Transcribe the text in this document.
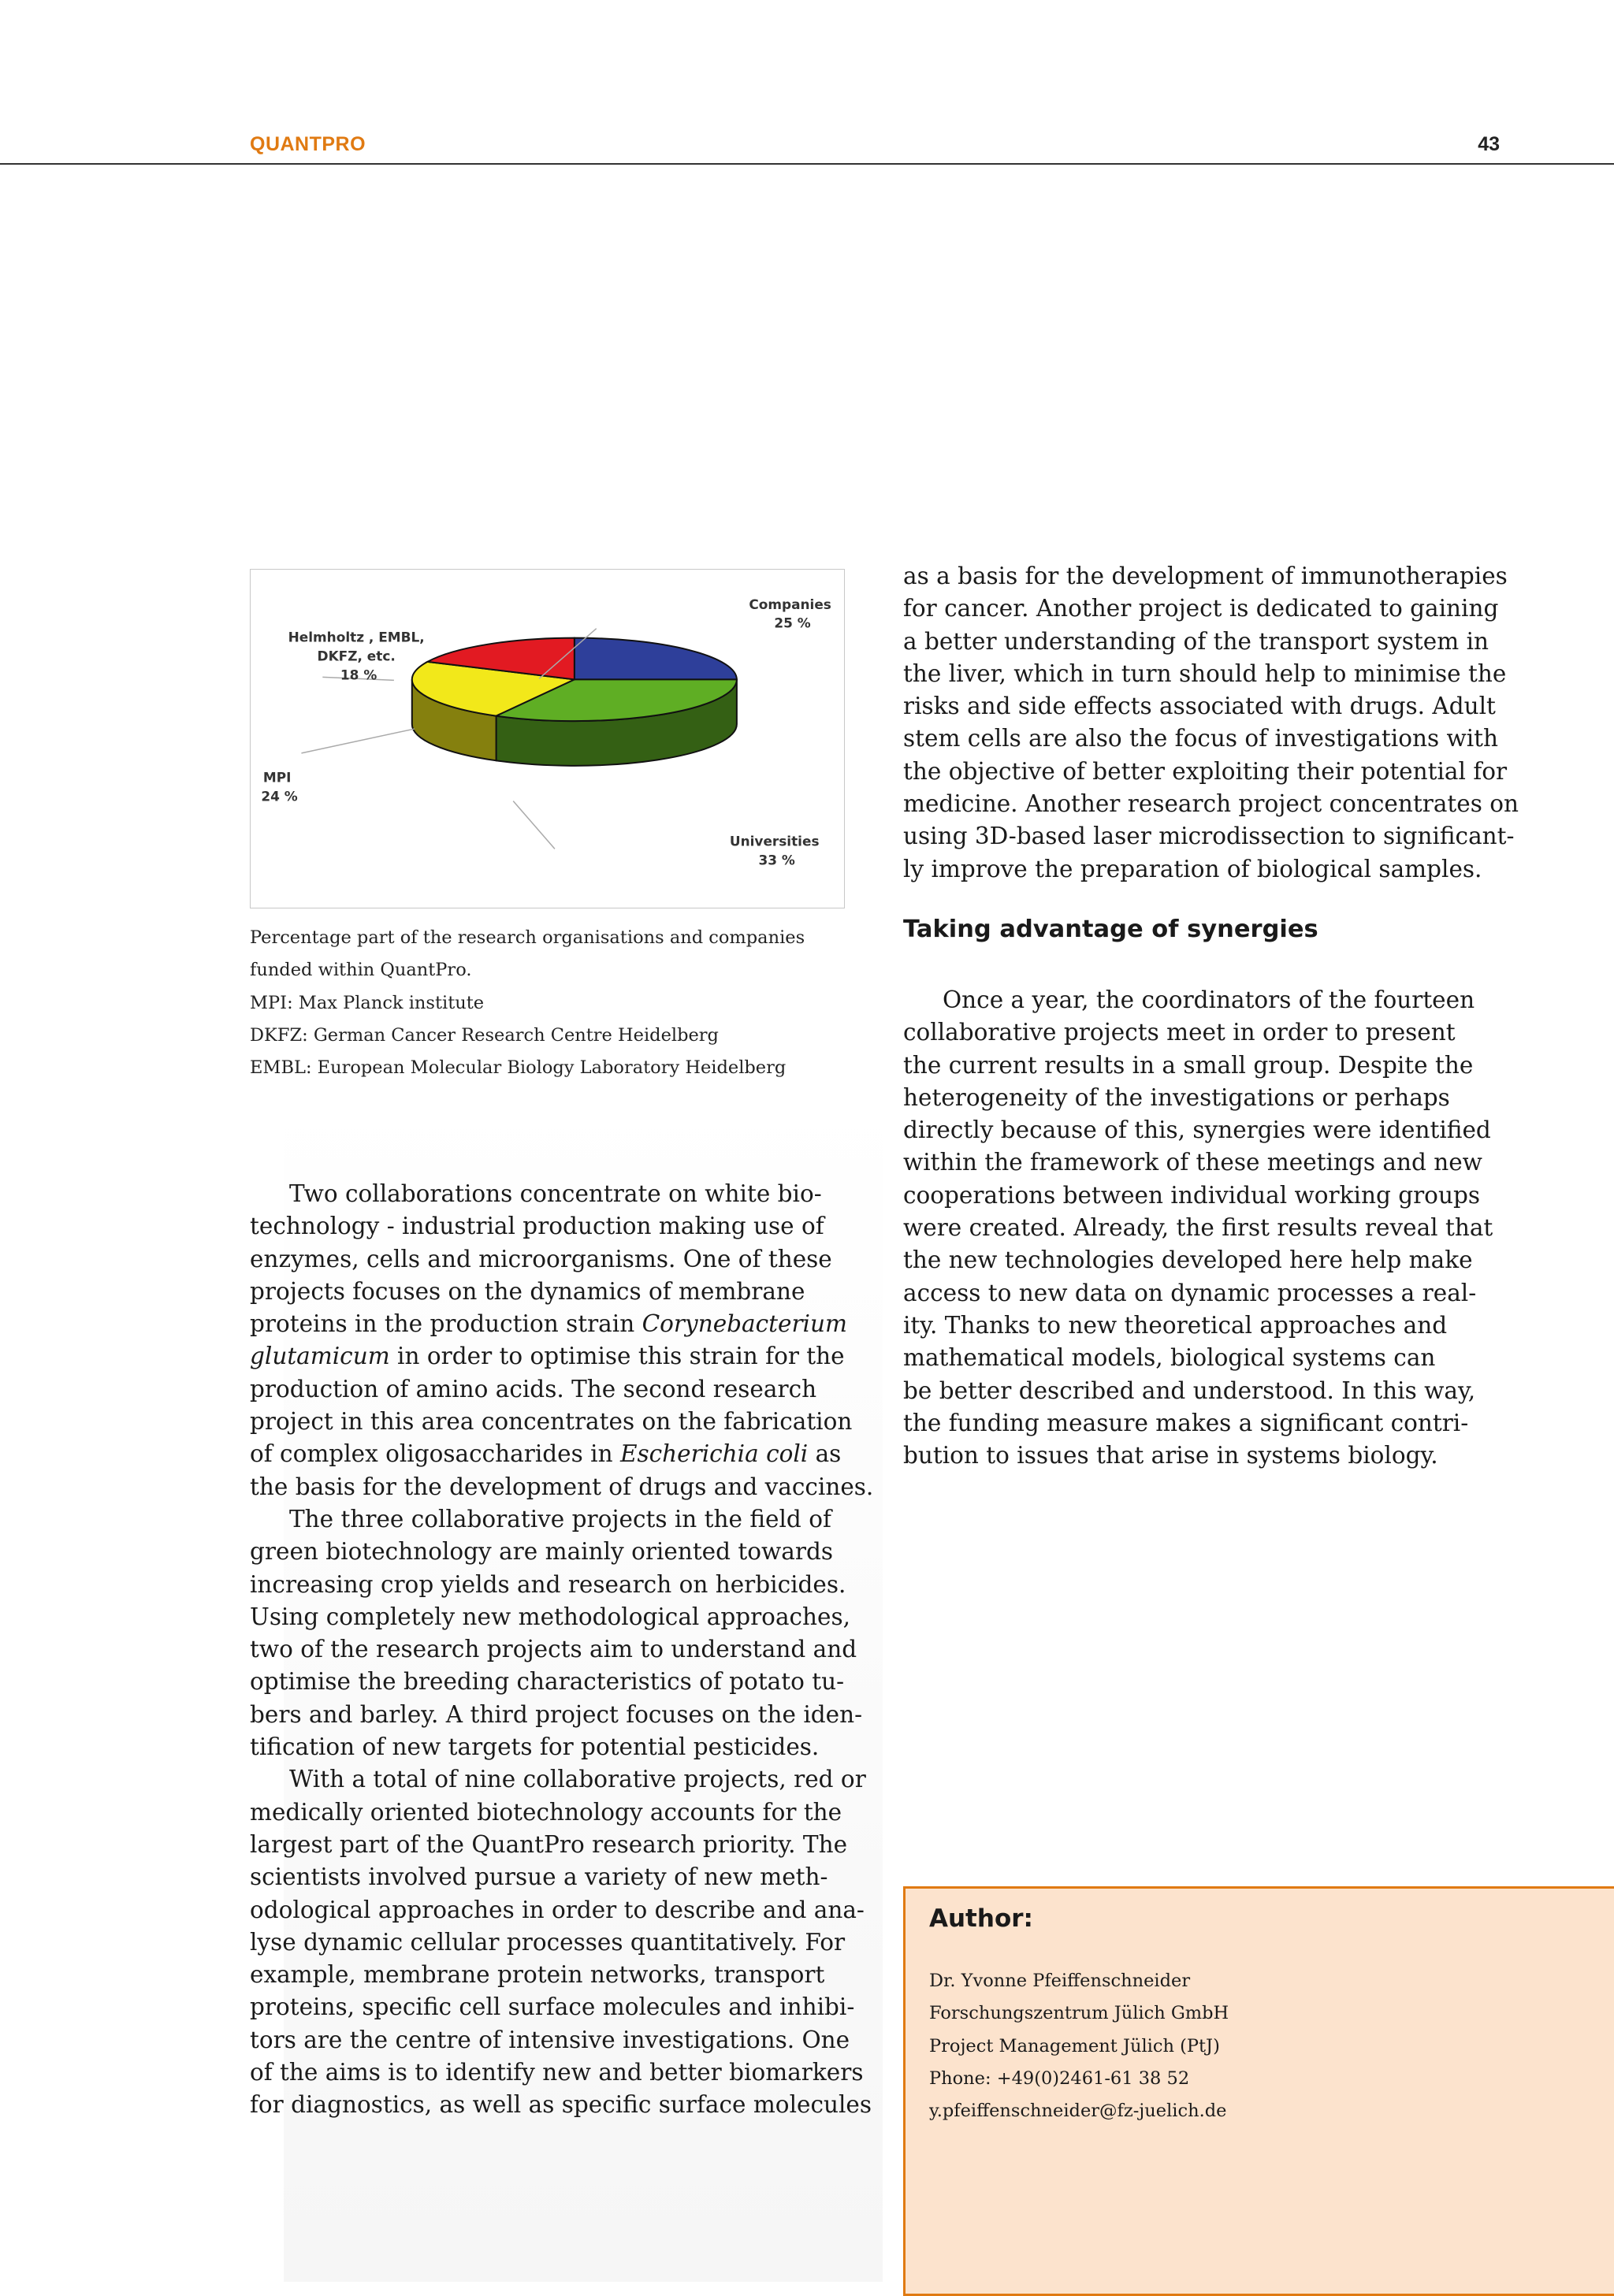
QUANTPRO	43
Companies 25 %
Helmholtz , EMBL, DKFZ, etc. 18 %
MPI 24 %
Universities 33 %
Percentage part of the research organisations and companies
funded within QuantPro.
MPI: Max Planck institute
DKFZ: German Cancer Research Centre Heidelberg
EMBL: European Molecular Biology Laboratory Heidelberg

Two collaborations concentrate on white bio-
technology - industrial production making use of
enzymes, cells and microorganisms. One of these
projects focuses on the dynamics of membrane
proteins in the production strain Corynebacterium
glutamicum in order to optimise this strain for the
production of amino acids. The second research
project in this area concentrates on the fabrication
of complex oligosaccharides in Escherichia coli as
the basis for the development of drugs and vaccines.

The three collaborative projects in the field of
green biotechnology are mainly oriented towards
increasing crop yields and research on herbicides.
Using completely new methodological approaches,
two of the research projects aim to understand and
optimise the breeding characteristics of potato tu-
bers and barley. A third project focuses on the iden-
tification of new targets for potential pesticides.

With a total of nine collaborative projects, red or
medically oriented biotechnology accounts for the
largest part of the QuantPro research priority. The
scientists involved pursue a variety of new meth-
odological approaches in order to describe and ana-
lyse dynamic cellular processes quantitatively. For
example, membrane protein networks, transport
proteins, specific cell surface molecules and inhibi-
tors are the centre of intensive investigations. One
of the aims is to identify new and better biomarkers
for diagnostics, as well as specific surface molecules

as a basis for the development of immunotherapies
for cancer. Another project is dedicated to gaining
a better understanding of the transport system in
the liver, which in turn should help to minimise the
risks and side effects associated with drugs. Adult
stem cells are also the focus of investigations with
the objective of better exploiting their potential for
medicine. Another research project concentrates on
using 3D-based laser microdissection to significant-
ly improve the preparation of biological samples.
Taking advantage of synergies
Once a year, the coordinators of the fourteen
collaborative projects meet in order to present
the current results in a small group. Despite the
heterogeneity of the investigations or perhaps
directly because of this, synergies were identified
within the framework of these meetings and new
cooperations between individual working groups
were created. Already, the first results reveal that
the new technologies developed here help make
access to new data on dynamic processes a real-
ity. Thanks to new theoretical approaches and
mathematical models, biological systems can
be better described and understood. In this way,
the funding measure makes a significant contri-
bution to issues that arise in systems biology.
Author:
Dr. Yvonne Pfeiffenschneider
Forschungszentrum Jülich GmbH
Project Management Jülich (PtJ)
Phone: +49(0)2461-61 38 52
y.pfeiffenschneider@fz-juelich.de
